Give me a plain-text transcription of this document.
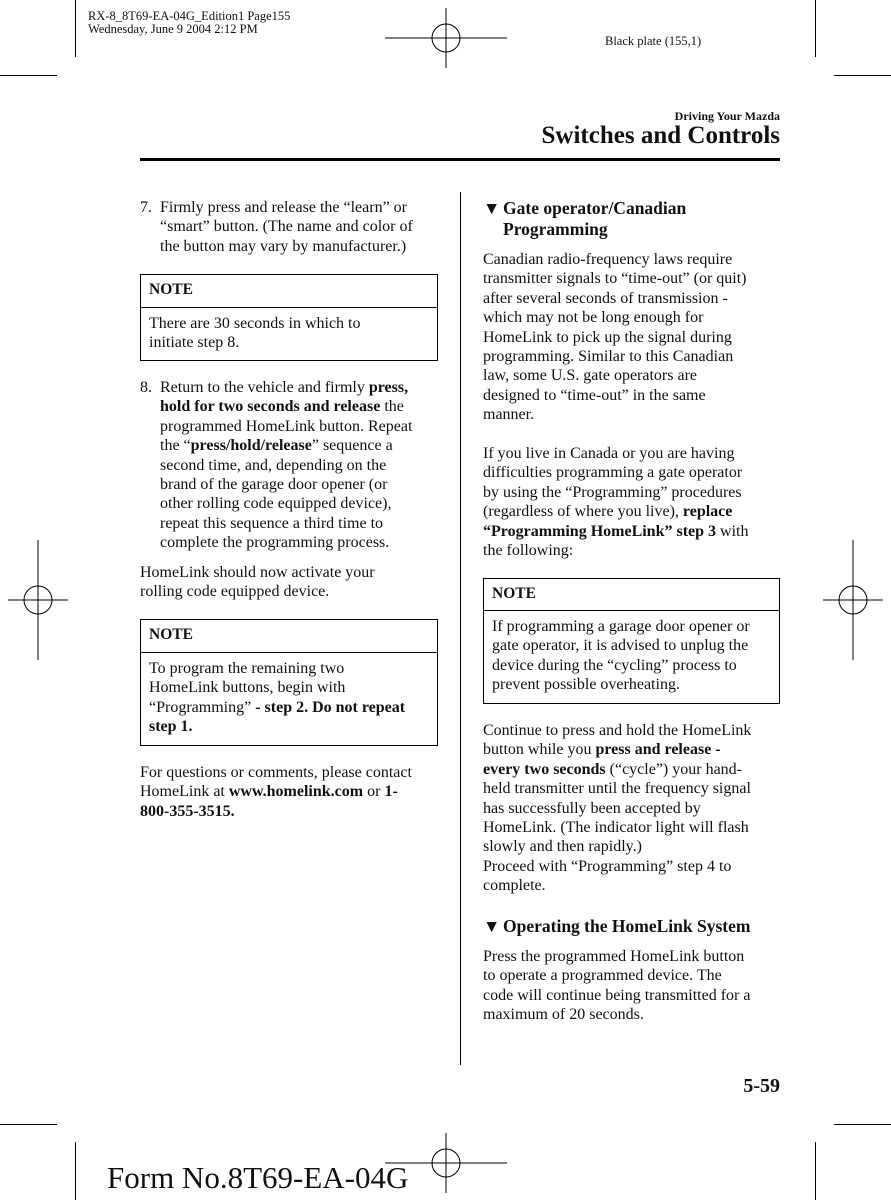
RX-8_8T69-EA-04G_Edition1 Page155
Wednesday, June 9 2004 2:12 PM
Black plate (155,1)
Driving Your Mazda
Switches and Controls
7. Firmly press and release the “learn” or
“smart” button. (The name and color of
the button may vary by manufacturer.)
NOTE
There are 30 seconds in which to
initiate step 8.
8. Return to the vehicle and firmly press,
hold for two seconds and release the
programmed HomeLink button. Repeat
the “press/hold/release” sequence a
second time, and, depending on the
brand of the garage door opener (or
other rolling code equipped device),
repeat this sequence a third time to
complete the programming process.
HomeLink should now activate your
rolling code equipped device.
NOTE
To program the remaining two
HomeLink buttons, begin with
“Programming” - step 2. Do not repeat
step 1.
For questions or comments, please contact
HomeLink at www.homelink.com or 1-
800-355-3515.
▼ Gate operator/Canadian
Programming
Canadian radio-frequency laws require
transmitter signals to “time-out” (or quit)
after several seconds of transmission -
which may not be long enough for
HomeLink to pick up the signal during
programming. Similar to this Canadian
law, some U.S. gate operators are
designed to “time-out” in the same
manner.
If you live in Canada or you are having
difficulties programming a gate operator
by using the “Programming” procedures
(regardless of where you live), replace
“Programming HomeLink” step 3 with
the following:
NOTE
If programming a garage door opener or
gate operator, it is advised to unplug the
device during the “cycling” process to
prevent possible overheating.
Continue to press and hold the HomeLink
button while you press and release -
every two seconds (“cycle”) your hand-
held transmitter until the frequency signal
has successfully been accepted by
HomeLink. (The indicator light will flash
slowly and then rapidly.)
Proceed with “Programming” step 4 to
complete.
▼ Operating the HomeLink System
Press the programmed HomeLink button
to operate a programmed device. The
code will continue being transmitted for a
maximum of 20 seconds.
5-59
Form No.8T69-EA-04G
